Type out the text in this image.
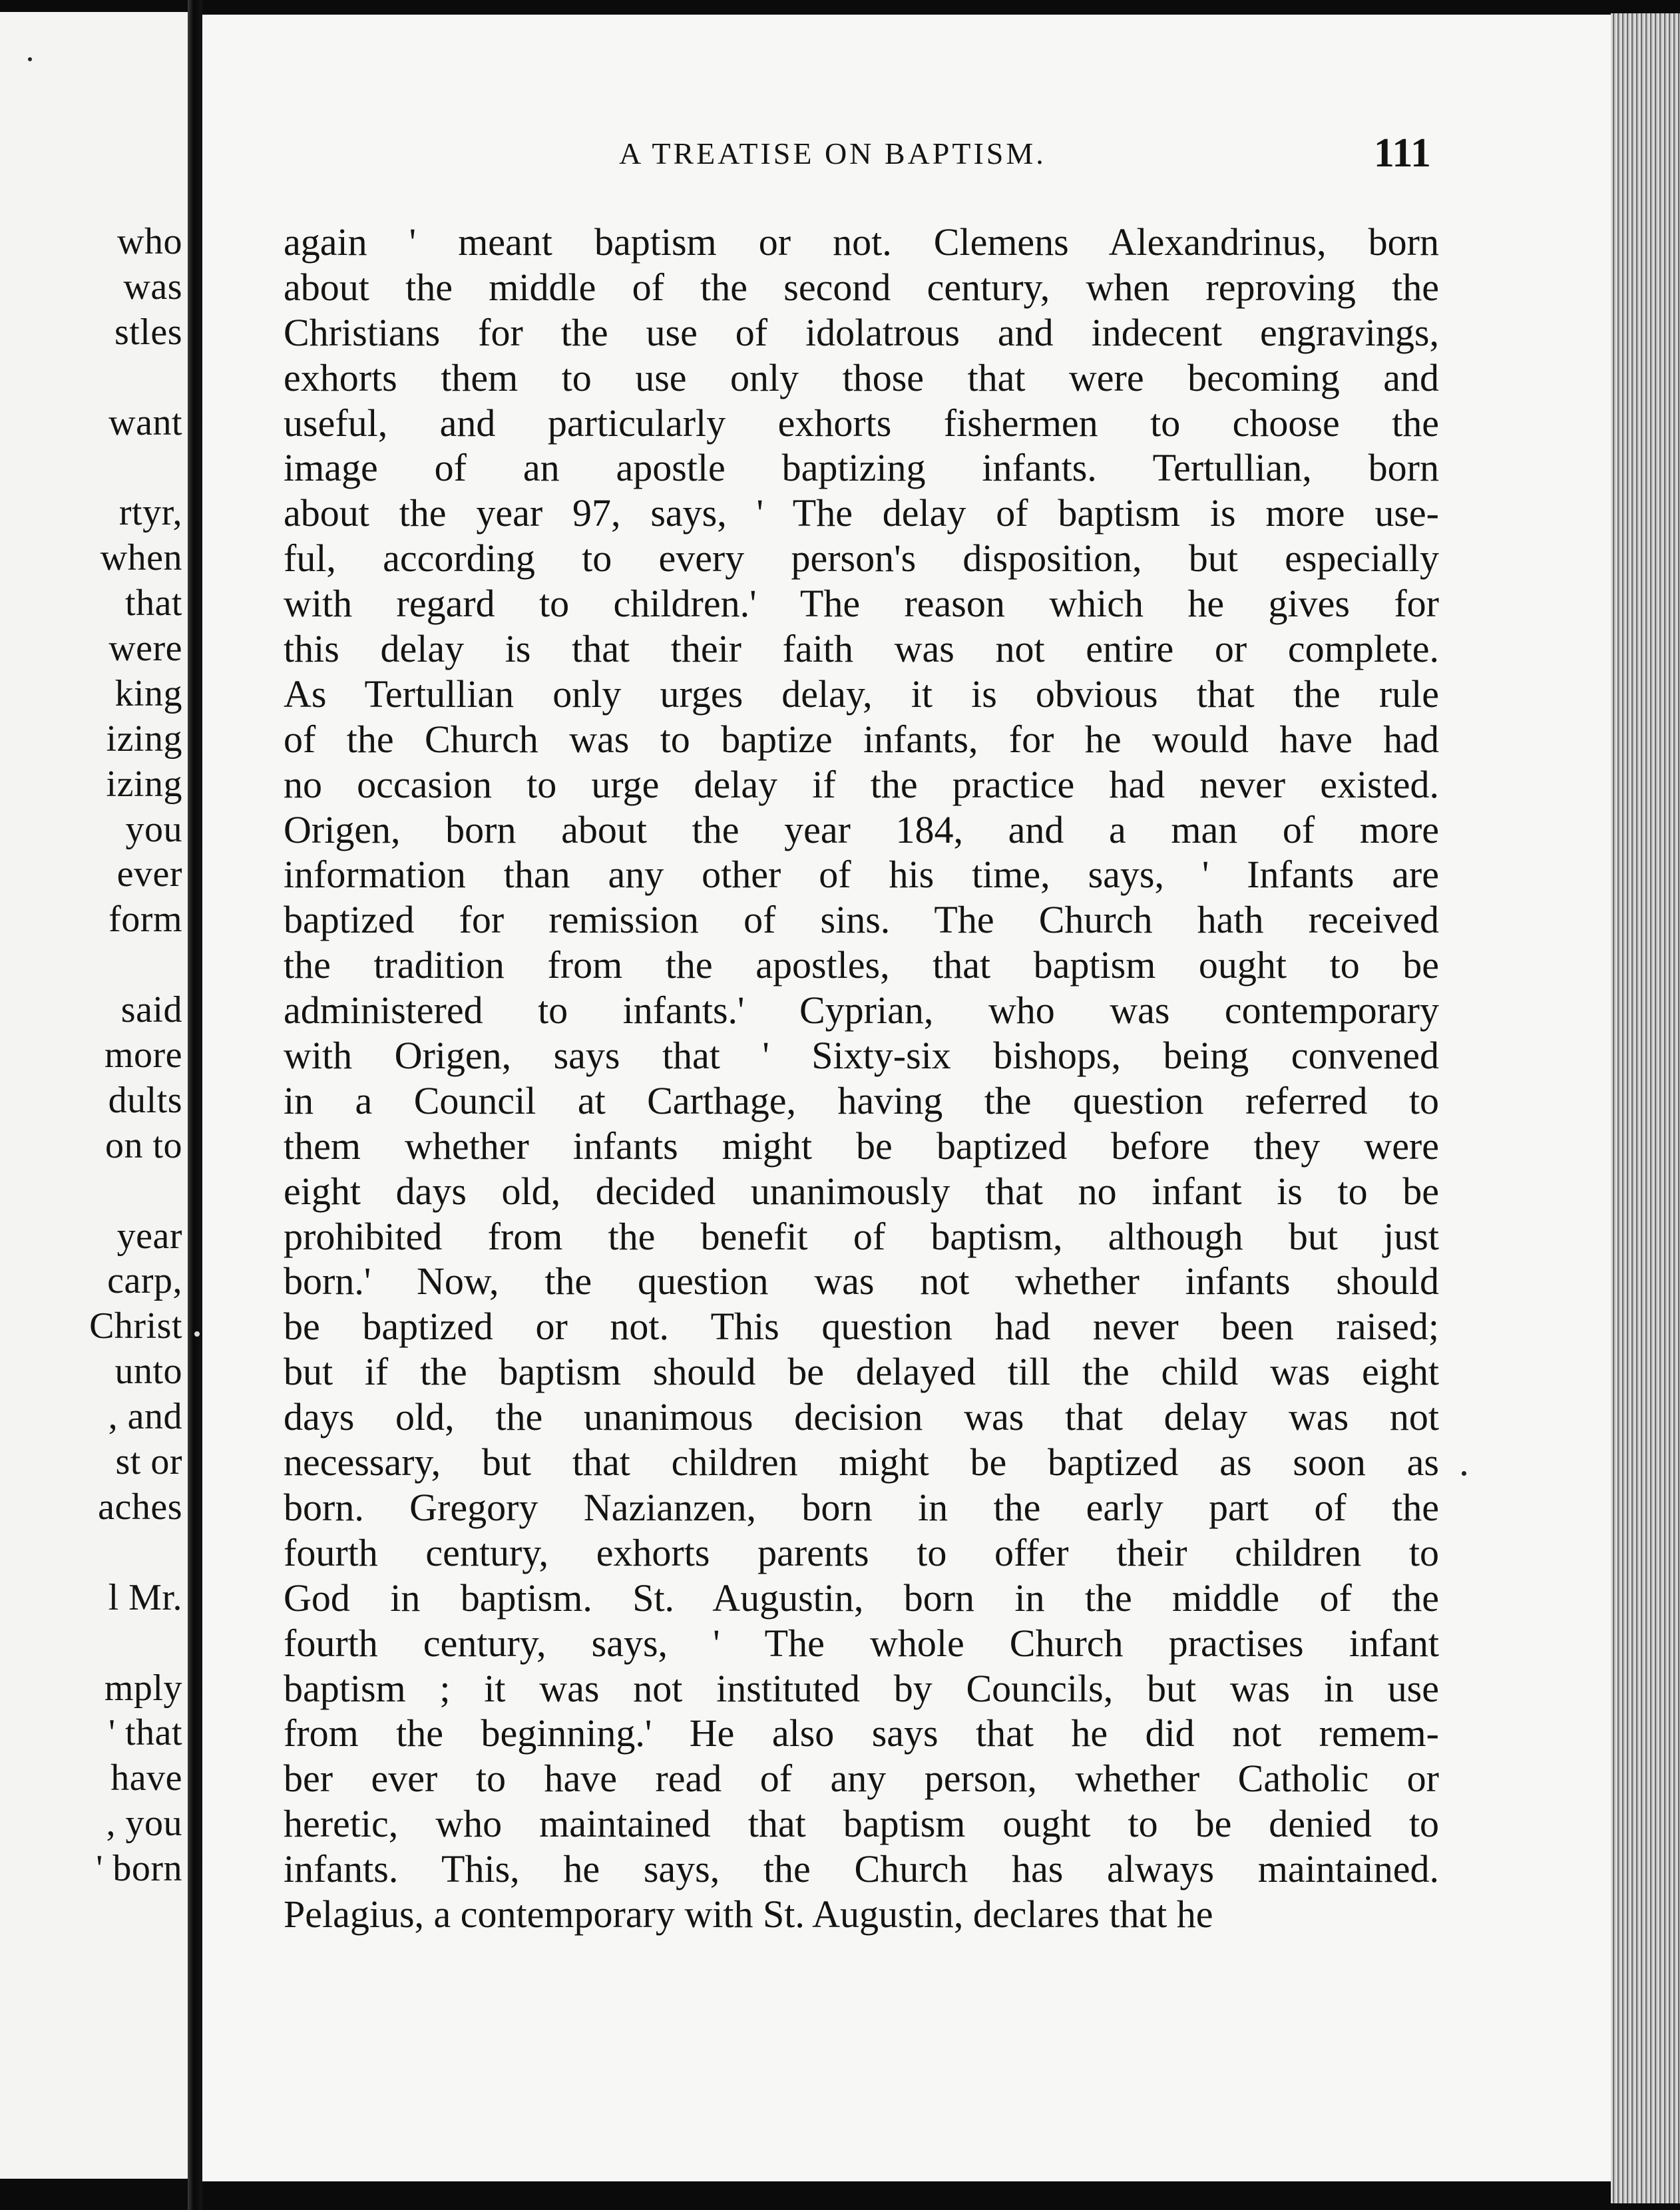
who
was
stles
want
rtyr,
when
that
were
king
izing
izing
you
ever
form
said
more
dults
on to
year
carp,
Christ
unto
, and
st or
aches
l Mr.
mply
' that
have
, you
' born
A TREATISE ON BAPTISM.	111
again ' meant baptism or not. Clemens Alexandrinus, born
about the middle of the second century, when reproving the
Christians for the use of idolatrous and indecent engravings,
exhorts them to use only those that were becoming and
useful, and particularly exhorts fishermen to choose the
image of an apostle baptizing infants. Tertullian, born
about the year 97, says, ' The delay of baptism is more use-
ful, according to every person's disposition, but especially
with regard to children.' The reason which he gives for
this delay is that their faith was not entire or complete.
As Tertullian only urges delay, it is obvious that the rule
of the Church was to baptize infants, for he would have had
no occasion to urge delay if the practice had never existed.
Origen, born about the year 184, and a man of more
information than any other of his time, says, ' Infants are
baptized for remission of sins. The Church hath received
the tradition from the apostles, that baptism ought to be
administered to infants.' Cyprian, who was contemporary
with Origen, says that ' Sixty-six bishops, being convened
in a Council at Carthage, having the question referred to
them whether infants might be baptized before they were
eight days old, decided unanimously that no infant is to be
prohibited from the benefit of baptism, although but just
born.' Now, the question was not whether infants should
be baptized or not. This question had never been raised;
but if the baptism should be delayed till the child was eight
days old, the unanimous decision was that delay was not
necessary, but that children might be baptized as soon as
born. Gregory Nazianzen, born in the early part of the
fourth century, exhorts parents to offer their children to
God in baptism. St. Augustin, born in the middle of the
fourth century, says, ' The whole Church practises infant
baptism ; it was not instituted by Councils, but was in use
from the beginning.' He also says that he did not remem-
ber ever to have read of any person, whether Catholic or
heretic, who maintained that baptism ought to be denied to
infants. This, he says, the Church has always maintained.
Pelagius, a contemporary with St. Augustin, declares that he
